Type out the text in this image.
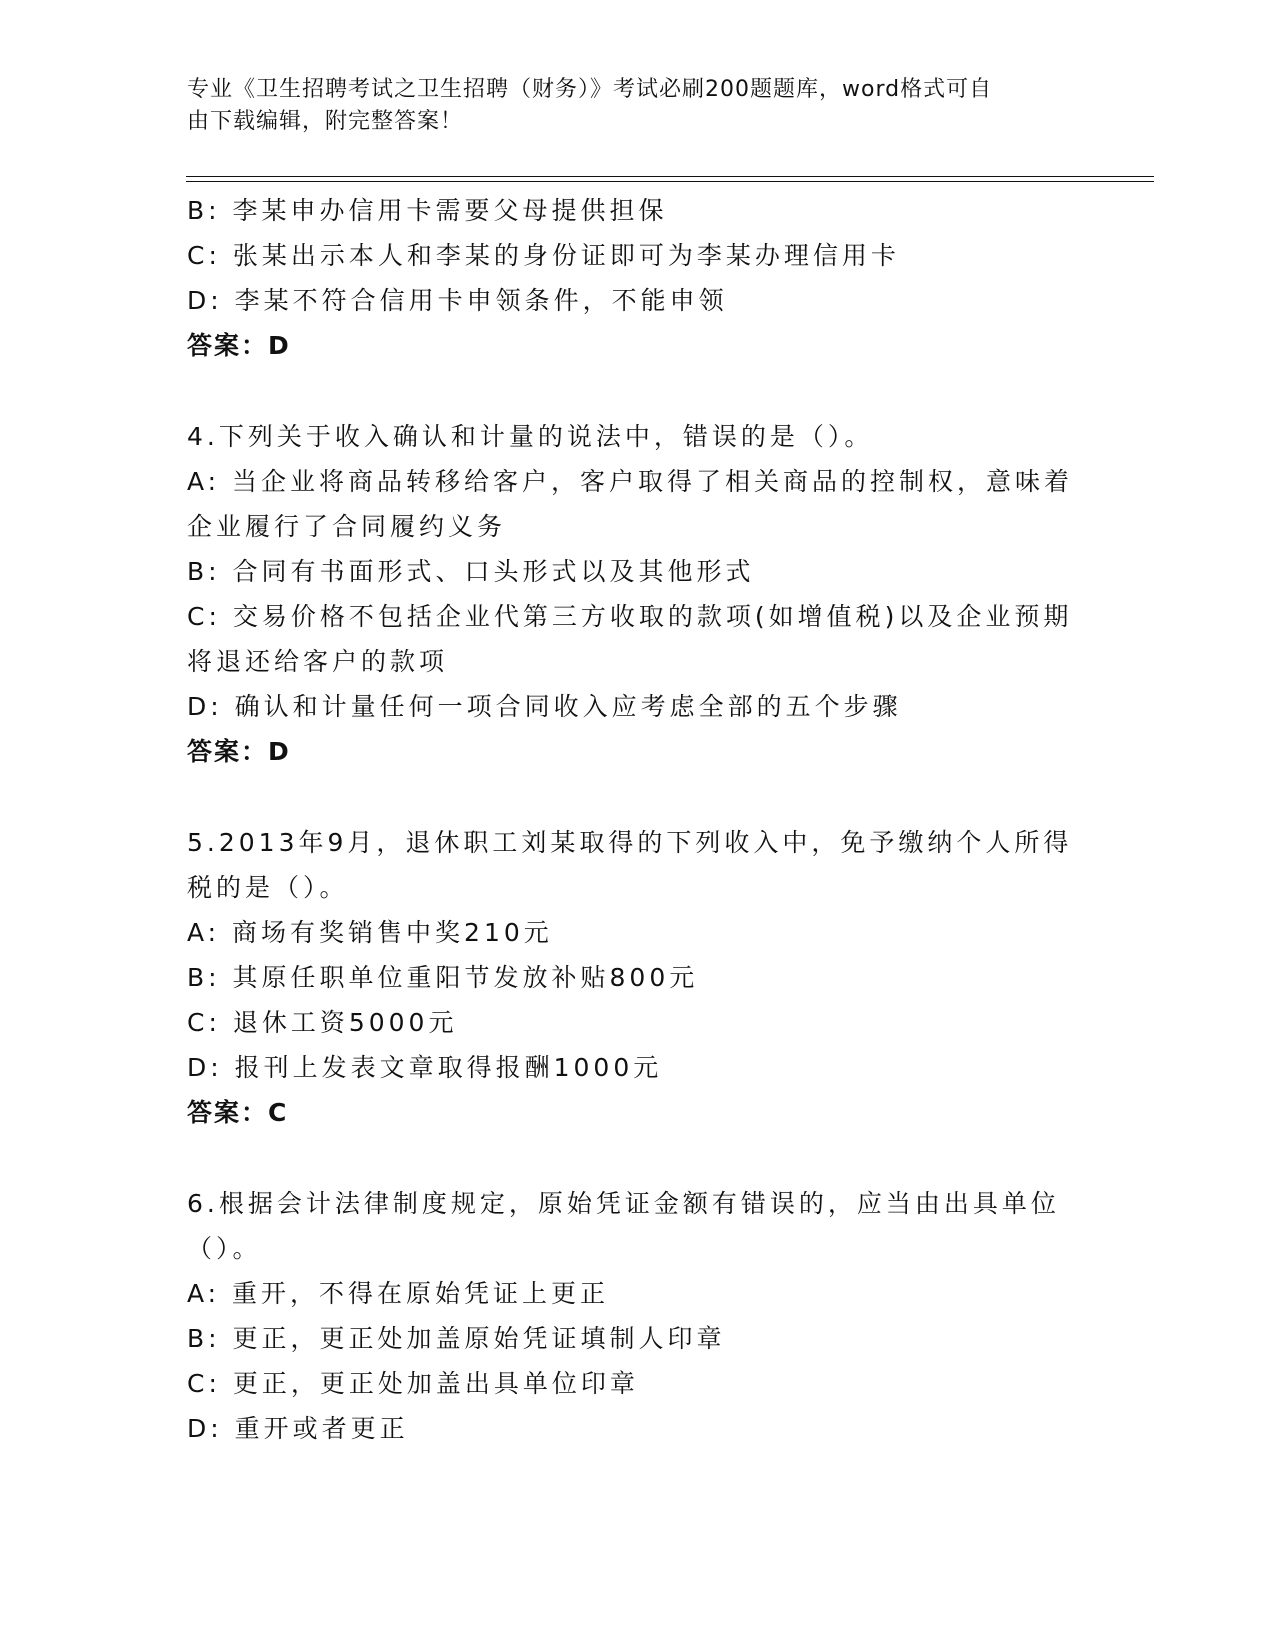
专业《卫生招聘考试之卫生招聘（财务）》考试必刷200题题库，word格式可自
由下载编辑，附完整答案！
B: 李某申办信用卡需要父母提供担保
C: 张某出示本人和李某的身份证即可为李某办理信用卡
D: 李某不符合信用卡申领条件，不能申领
答案：D
4.下列关于收入确认和计量的说法中，错误的是（）。
A: 当企业将商品转移给客户，客户取得了相关商品的控制权，意味着
企业履行了合同履约义务
B: 合同有书面形式、口头形式以及其他形式
C: 交易价格不包括企业代第三方收取的款项(如增值税)以及企业预期
将退还给客户的款项
D: 确认和计量任何一项合同收入应考虑全部的五个步骤
答案：D
5.2013年9月，退休职工刘某取得的下列收入中，免予缴纳个人所得
税的是（）。
A: 商场有奖销售中奖210元
B: 其原任职单位重阳节发放补贴800元
C: 退休工资5000元
D: 报刊上发表文章取得报酬1000元
答案：C
6.根据会计法律制度规定，原始凭证金额有错误的，应当由出具单位
（）。
A: 重开，不得在原始凭证上更正
B: 更正，更正处加盖原始凭证填制人印章
C: 更正，更正处加盖出具单位印章
D: 重开或者更正
